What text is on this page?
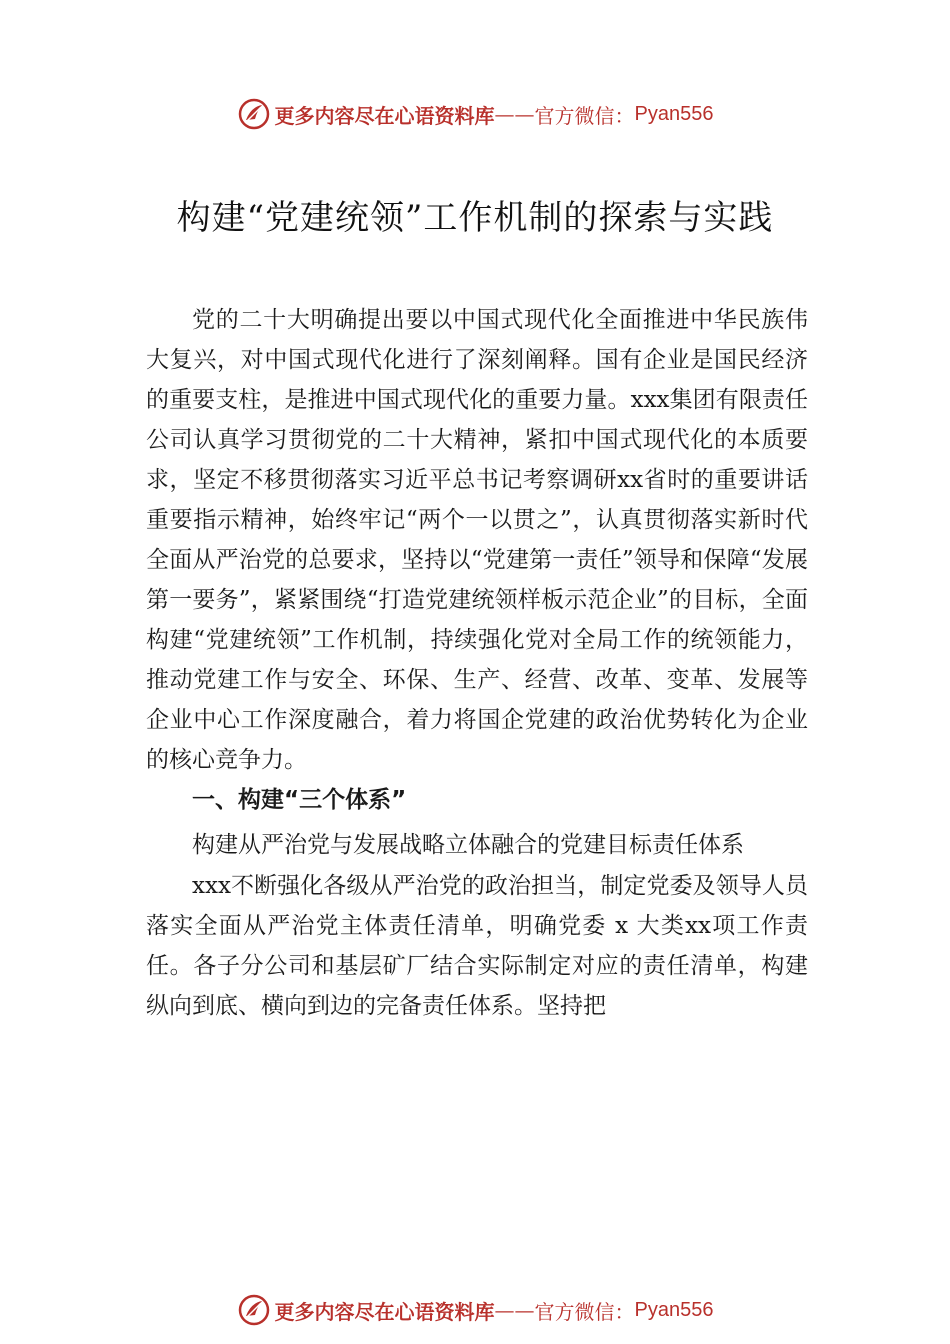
更多内容尽在心语资料库 —— 官方微信： Pyan556
构建“党建统领”工作机制的探索与实践

党的二十大明确提出要以中国式现代化全面推进中华民族伟大复兴，对中国式现代化进行了深刻阐释。国有企业是国民经济的重要支柱，是推进中国式现代化的重要力量。xxx集团有限责任公司认真学习贯彻党的二十大精神，紧扣中国式现代化的本质要求，坚定不移贯彻落实习近平总书记考察调研xx省时的重要讲话重要指示精神，始终牢记“两个一以贯之”，认真贯彻落实新时代全面从严治党的总要求，坚持以“党建第一责任”领导和保障“发展第一要务”，紧紧围绕“打造党建统领样板示范企业”的目标，全面构建“党建统领”工作机制，持续强化党对全局工作的统领能力，推动党建工作与安全、环保、生产、经营、改革、变革、发展等企业中心工作深度融合，着力将国企党建的政治优势转化为企业的核心竞争力。

一、构建“三个体系”
构建从严治党与发展战略立体融合的党建目标责任体系

xxx不断强化各级从严治党的政治担当，制定党委及领导人员落实全面从严治党主体责任清单，明确党委 x 大类xx项工作责任。各子分公司和基层矿厂结合实际制定对应的责任清单，构建纵向到底、横向到边的完备责任体系。坚持把

更多内容尽在心语资料库 —— 官方微信： Pyan556
